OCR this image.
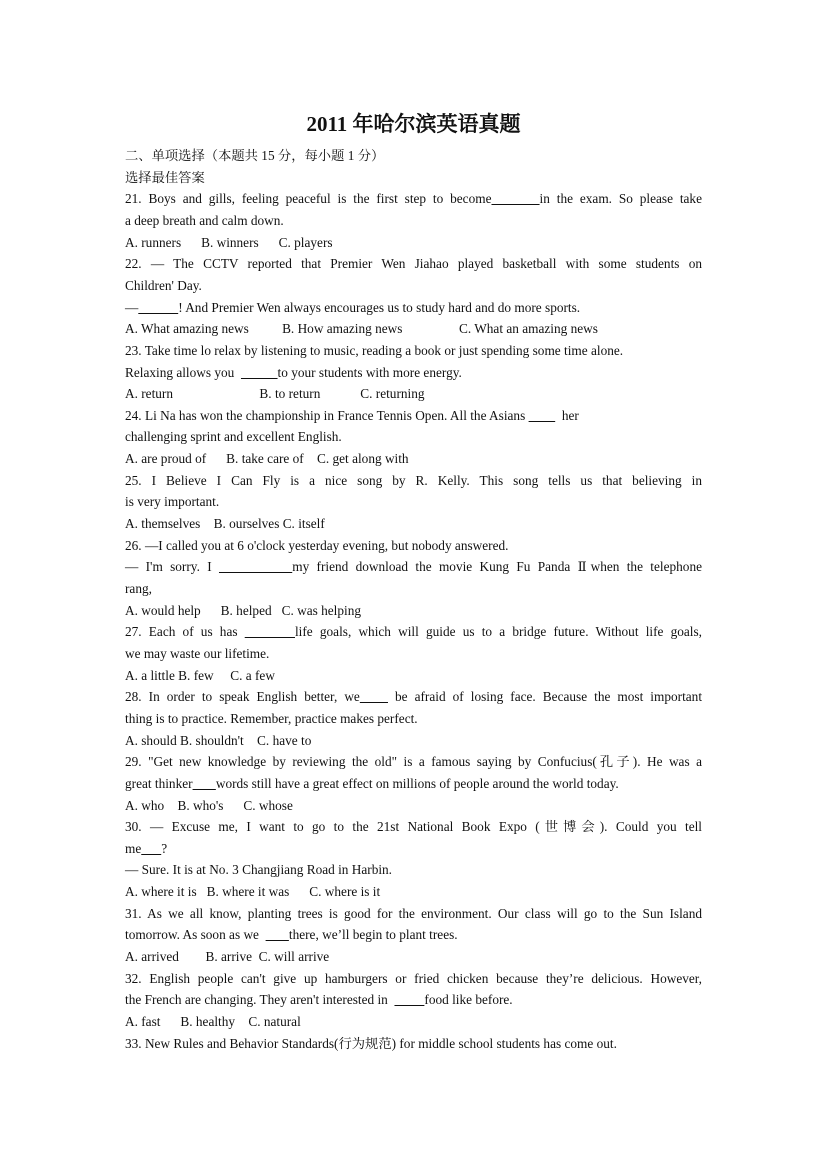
2011 年哈尔滨英语真题
二、单项选择（本题共 15 分，每小题 1 分）
选择最佳答案
21. Boys and gills, feeling peaceful is the first step to become	in the exam. So please take
a deep breath and calm down.
A. runners      B. winners      C. players
22. — The CCTV reported that Premier Wen Jiahao played basketball with some students on
Children' Day.
—	! And Premier Wen always encourages us to study hard and do more sports.
A. What amazing news          B. How amazing news                 C. What an amazing news
23. Take time lo relax by listening to music, reading a book or just spending some time alone.
Relaxing allows you	to your students with more energy.
A. return                          B. to return            C. returning
24. Li Na has won the championship in France Tennis Open. All the Asians           her
challenging sprint and excellent English.
A. are proud of      B. take care of    C. get along with
25. I Believe I Can Fly is a nice song by R. Kelly. This song tells us that believing in
is very important.
A. themselves    B. ourselves C. itself
26. —I called you at 6 o'clock yesterday evening, but nobody answered.
— I'm sorry. I	my friend download the movie Kung Fu Panda Ⅱwhen the telephone
rang,
A. would help      B. helped   C. was helping
27. Each of us has	life goals, which will guide us to a bridge future. Without life goals,
we may waste our lifetime.
A. a little B. few     C. a few
28. In order to speak English better, we     be afraid of losing face. Because the most important
thing is to practice. Remember, practice makes perfect.
A. should B. shouldn't    C. have to
29. "Get new knowledge by reviewing the old" is a famous saying by Confucius(孔子). He was a
great thinker words still have a great effect on millions of people around the world today.
A. who    B. who's      C. whose
30. — Excuse me, I want to go to the 21st National Book Expo (世博会). Could you tell
me ?
— Sure. It is at No. 3 Changjiang Road in Harbin.
A. where it is   B. where it was      C. where is it
31. As we all know, planting trees is good for the environment. Our class will go to the Sun Island
tomorrow. As soon as we         there, we’ll begin to plant trees.
A. arrived        B. arrive  C. will arrive
32. English people can't give up hamburgers or fried chicken because they’re delicious. However,
the French are changing. They aren't interested in           food like before.
A. fast      B. healthy    C. natural
33. New Rules and Behavior Standards(行为规范) for middle school students has come out.
